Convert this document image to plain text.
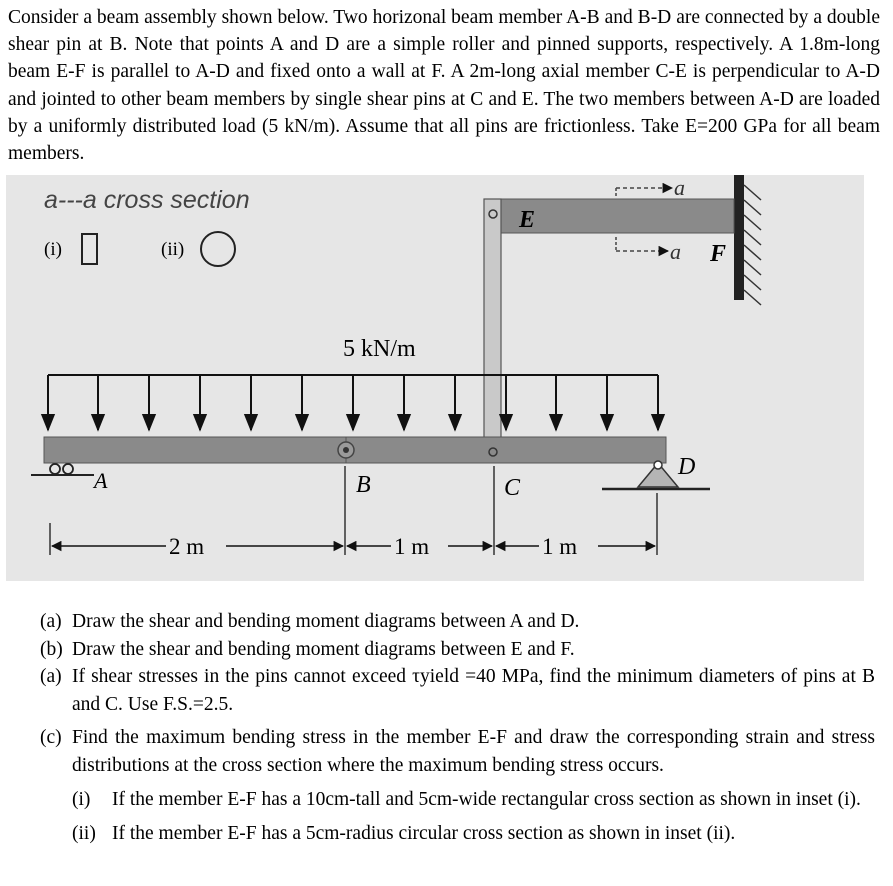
Consider a beam assembly shown below. Two horizonal beam member A-B and B-D are connected by a double shear pin at B. Note that points A and D are a simple roller and pinned supports, respectively. A 1.8m-long beam E-F is parallel to A-D and fixed onto a wall at F. A 2m-long axial member C-E is perpendicular to A-D and jointed to other beam members by single shear pins at C and E. The two members between A-D are loaded by a uniformly distributed load (5 kN/m). Assume that all pins are frictionless. Take E=200 GPa for all beam members.

a---a cross section
(i)	(ii)
E
F
a
a
5 kN/m
A
D
B	C
2 m	1 m	1 m
(a) Draw the shear and bending moment diagrams between A and D.
(b) Draw the shear and bending moment diagrams between E and F.
(a) If shear stresses in the pins cannot exceed τyield =40 MPa, find the minimum diameters of pins at B and C. Use F.S.=2.5.
(c) Find the maximum bending stress in the member E-F and draw the corresponding strain and stress distributions at the cross section where the maximum bending stress occurs.
(i) If the member E-F has a 10cm-tall and 5cm-wide rectangular cross section as shown in inset (i).
(ii) If the member E-F has a 5cm-radius circular cross section as shown in inset (ii).
